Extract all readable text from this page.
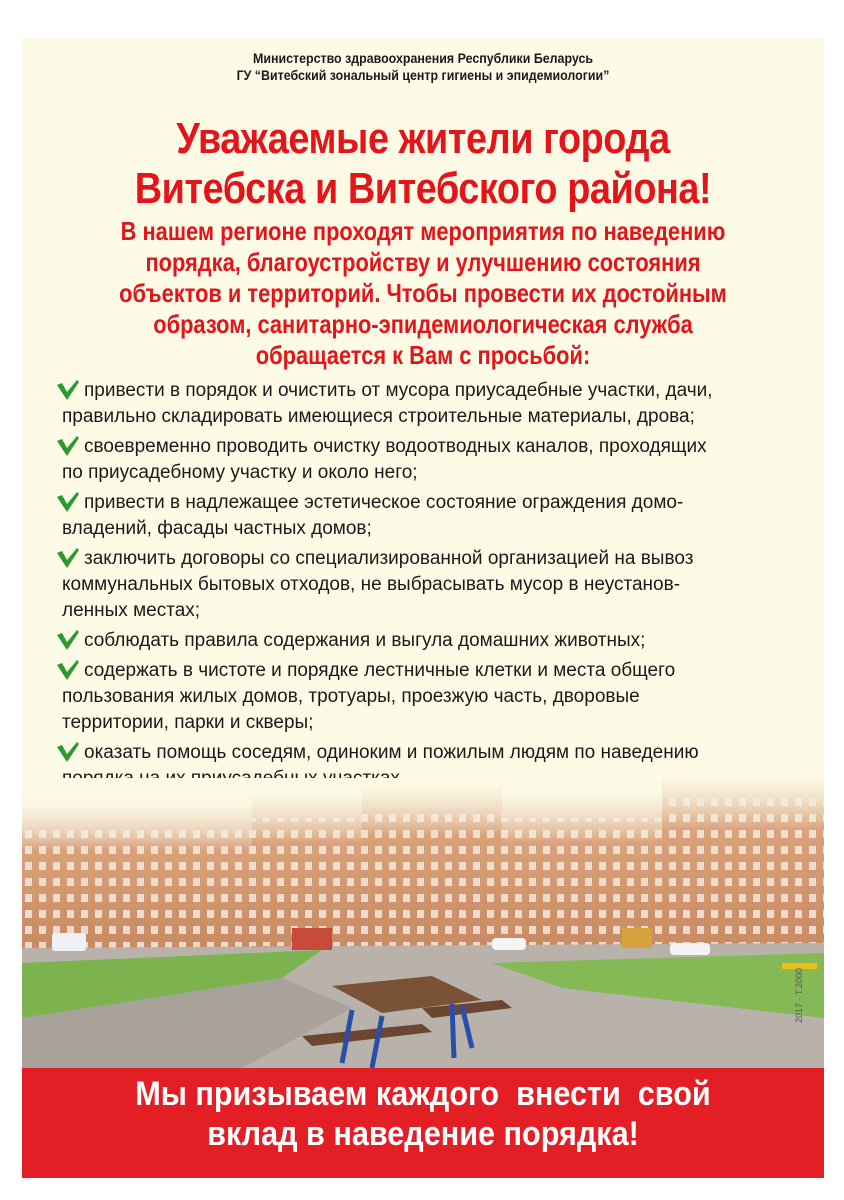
Министерство здравоохранения Республики Беларусь
ГУ “Витебский зональный центр гигиены и эпидемиологии”
Уважаемые жители города
Витебска и Витебского района!
В нашем регионе проходят мероприятия по наведению
порядка, благоустройству и улучшению состояния
объектов и территорий. Чтобы провести их достойным
образом, санитарно-эпидемиологическая служба
обращается к Вам с просьбой:
привести в порядок и очистить от мусора приусадебные участки, дачи,
правильно складировать имеющиеся строительные материалы, дрова;
своевременно проводить очистку водоотводных каналов, проходящих
по приусадебному участку и около него;
привести в надлежащее эстетическое состояние ограждения домо-
владений, фасады частных домов;
заключить договоры со специализированной организацией на вывоз
коммунальных бытовых отходов, не выбрасывать мусор в неустанов-
ленных местах;
соблюдать правила содержания и выгула домашних животных;
содержать в чистоте и порядке лестничные клетки и места общего
пользования жилых домов, тротуары, проезжую часть, дворовые
территории, парки и скверы;
оказать помощь соседям, одиноким и пожилым людям по наведению
2017 · Т.2000
Мы призываем каждого  внести  свой
вклад в наведение порядка!
